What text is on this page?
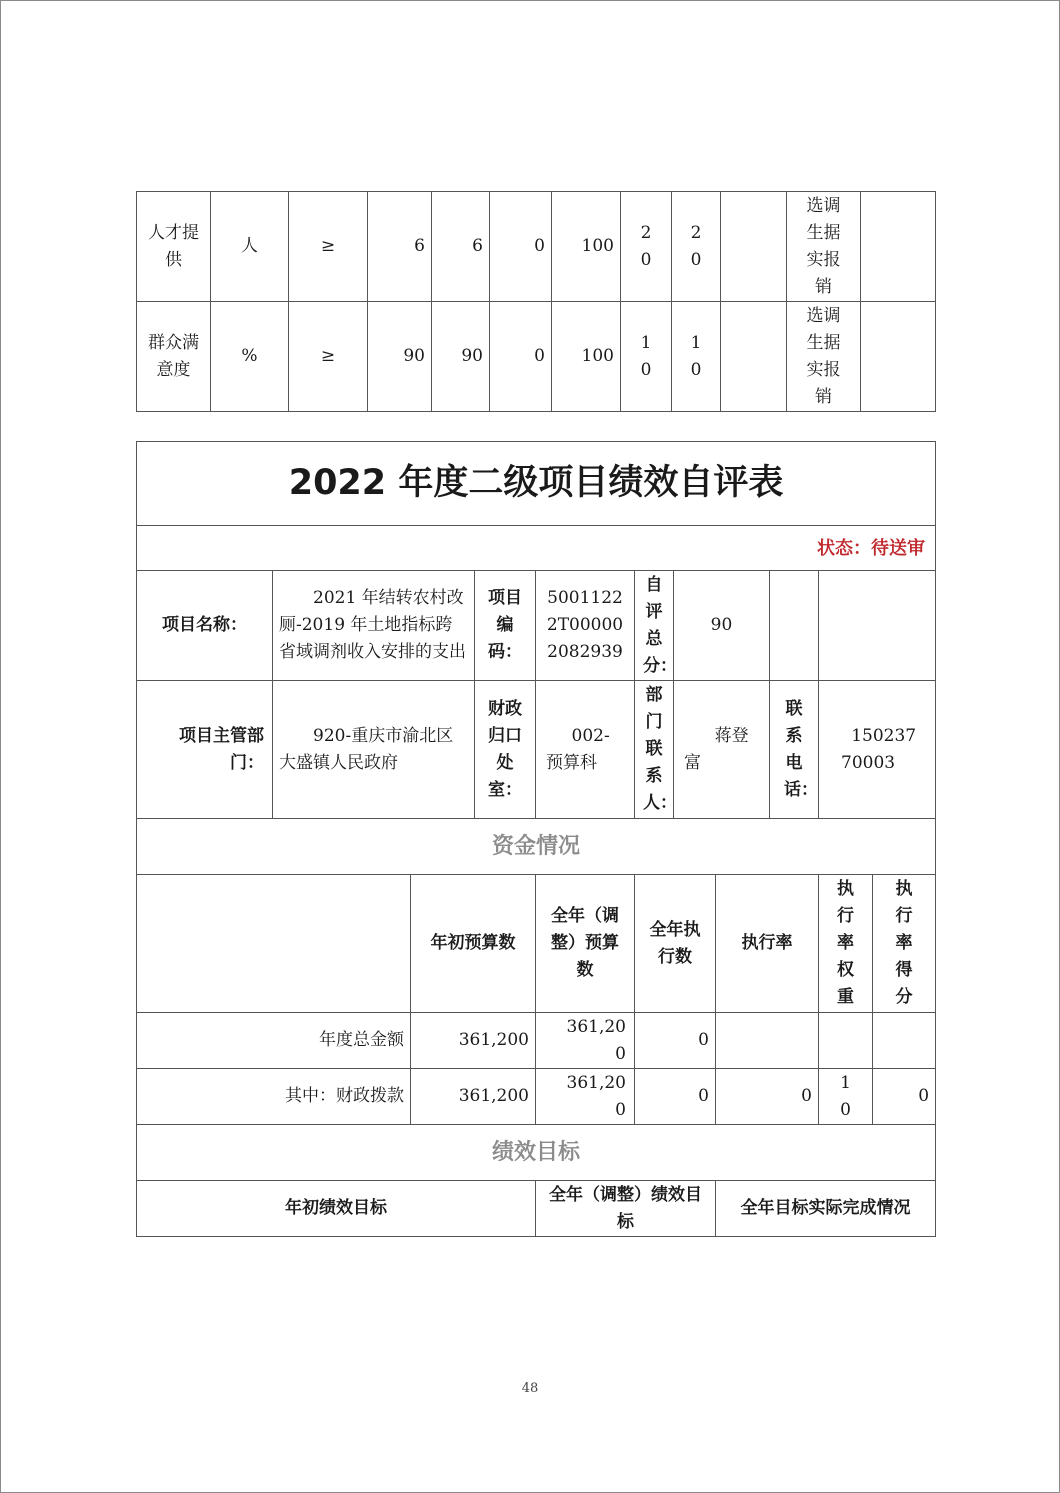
人才提供	人	≥	6	6	0	100	20	20		选调生据实报销	
群众满意度	%	≥	90	90	0	100	10	10		选调生据实报销	
2022 年度二级项目绩效自评表										
状态：待送审										
项目名称：	2021 年结转农村改厕-2019 年土地指标跨省域调剂收入安排的支出		项目编码：	50011222T000002082939	自评总分：	90				
项目主管部门：	920-重庆市渝北区大盛镇人民政府		财政归口处室：	002-预算科	部门联系人：	蒋登富		联系电话：	15023770003	
资金情况										
		年初预算数		全年（调整）预算数	全年执行数		执行率		执行率权重	执行率得分
年度总金额		361,200		361,200	0					
其中：财政拨款		361,200		361,200	0		0		10	0
绩效目标										
年初绩效目标				全年（调整）绩效目标			全年目标实际完成情况			
48
